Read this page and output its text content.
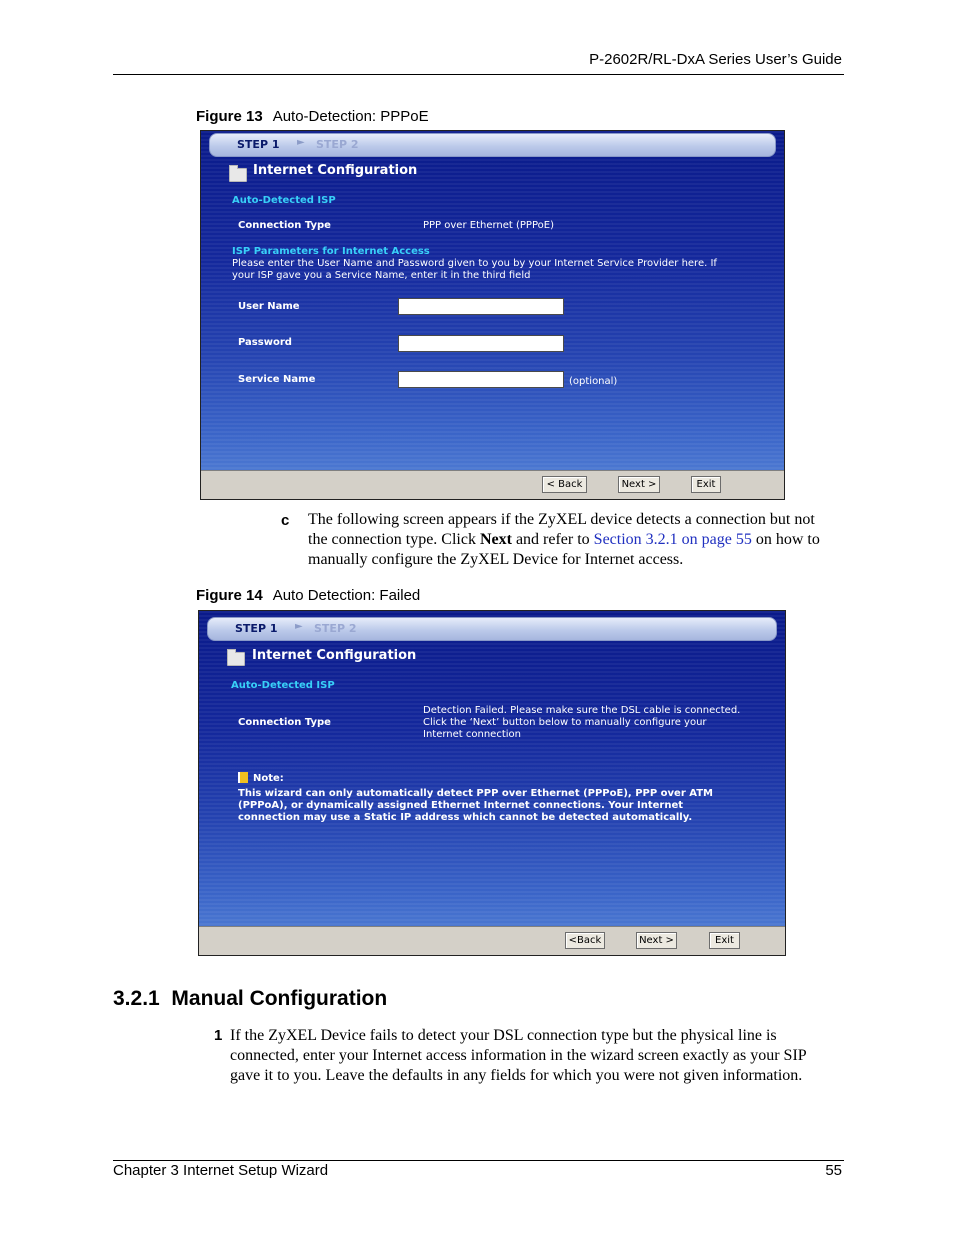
P-2602R/RL-DxA Series User’s Guide
Figure 13 Auto-Detection: PPPoE
STEP 1 ► STEP 2
Internet Configuration
Auto-Detected ISP
Connection Type	PPP over Ethernet (PPPoE)
ISP Parameters for Internet Access
Please enter the User Name and Password given to you by your Internet Service Provider here. If
your ISP gave you a Service Name, enter it in the third field
User Name
Password
Service Name	(optional)
< Back	Next >	Exit
c The following screen appears if the ZyXEL device detects a connection but not the connection type. Click Next and refer to Section 3.2.1 on page 55 on how to manually configure the ZyXEL Device for Internet access.
Figure 14 Auto Detection: Failed
STEP 1 ► STEP 2
Internet Configuration
Auto-Detected ISP
Connection Type
Detection Failed. Please make sure the DSL cable is connected.
Click the ‘Next’ button below to manually configure your
Internet connection
Note:
This wizard can only automatically detect PPP over Ethernet (PPPoE), PPP over ATM
(PPPoA), or dynamically assigned Ethernet Internet connections. Your Internet
connection may use a Static IP address which cannot be detected automatically.
<Back	Next >	Exit
3.2.1 Manual Configuration
1 If the ZyXEL Device fails to detect your DSL connection type but the physical line is connected, enter your Internet access information in the wizard screen exactly as your SIP gave it to you. Leave the defaults in any fields for which you were not given information.
Chapter 3 Internet Setup Wizard	55
